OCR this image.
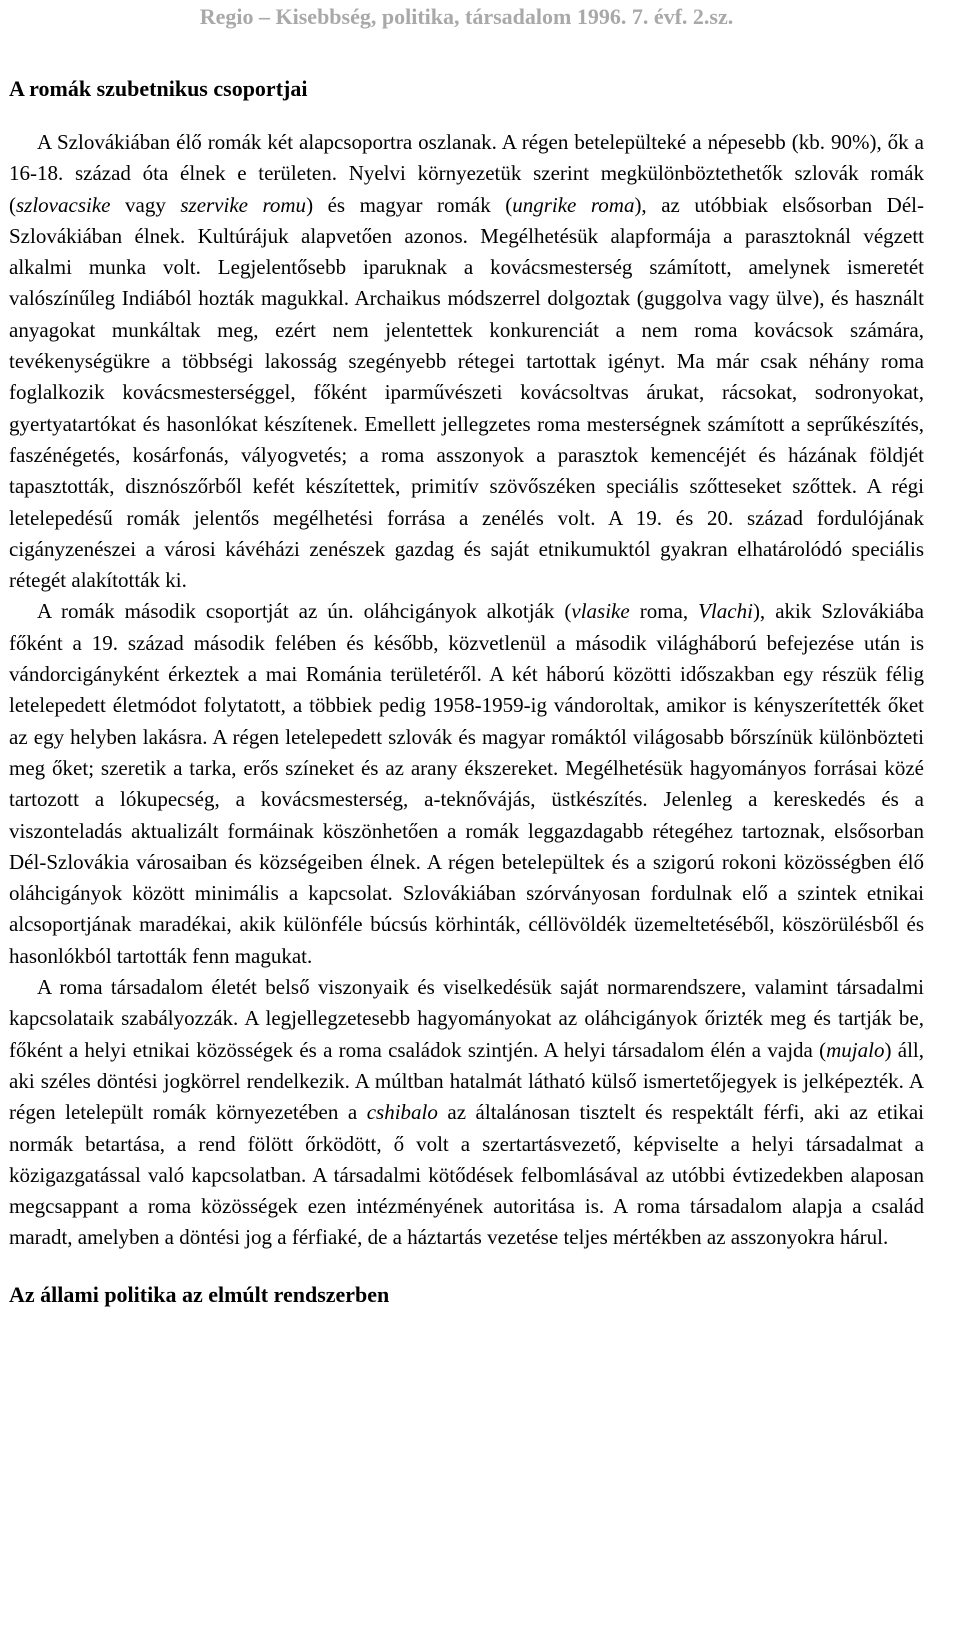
Regio – Kisebbség, politika, társadalom 1996. 7. évf. 2.sz.
A romák szubetnikus csoportjai

A Szlovákiában élő romák két alapcsoportra oszlanak. A régen betelepülteké a népesebb (kb. 90%), ők a 16-18. század óta élnek e területen. Nyelvi környezetük szerint megkülönböztethetők szlovák romák (szlovacsike vagy szervike romu) és magyar romák (ungrike roma), az utóbbiak elsősorban Dél-Szlovákiában élnek. Kultúrájuk alapvetően azonos. Megélhetésük alapformája a parasztoknál végzett alkalmi munka volt. Legjelentősebb iparuknak a kovácsmesterség számított, amelynek ismeretét valószínűleg Indiából hozták magukkal. Archaikus módszerrel dolgoztak (guggolva vagy ülve), és használt anyagokat munkáltak meg, ezért nem jelentettek konkurenciát a nem roma kovácsok számára, tevékenységükre a többségi lakosság szegényebb rétegei tartottak igényt. Ma már csak néhány roma foglalkozik kovácsmesterséggel, főként iparművészeti kovácsoltvas árukat, rácsokat, sodronyokat, gyertyatartókat és hasonlókat készítenek. Emellett jellegzetes roma mesterségnek számított a seprűkészítés, faszénégetés, kosárfonás, vályogvetés; a roma asszonyok a parasztok kemencéjét és házának földjét tapasztották, disznószőrből kefét készítettek, primitív szövőszéken speciális szőtteseket szőttek. A régi letelepedésű romák jelentős megélhetési forrása a zenélés volt. A 19. és 20. század fordulójának cigányzenészei a városi kávéházi zenészek gazdag és saját etnikumuktól gyakran elhatárolódó speciális rétegét alakították ki.

A romák második csoportját az ún. oláhcigányok alkotják (vlasike roma, Vlachi), akik Szlovákiába főként a 19. század második felében és később, közvetlenül a második világháború befejezése után is vándorcigányként érkeztek a mai Románia területéről. A két háború közötti időszakban egy részük félig letelepedett életmódot folytatott, a többiek pedig 1958-1959-ig vándoroltak, amikor is kényszerítették őket az egy helyben lakásra. A régen letelepedett szlovák és magyar romáktól világosabb bőrszínük különbözteti meg őket; szeretik a tarka, erős színeket és az arany ékszereket. Megélhetésük hagyományos forrásai közé tartozott a lókupecség, a kovácsmesterség, a-teknővájás, üstkészítés. Jelenleg a kereskedés és a viszonteladás aktualizált formáinak köszönhetően a romák leggazdagabb rétegéhez tartoznak, elsősorban Dél-Szlovákia városaiban és községeiben élnek. A régen betelepültek és a szigorú rokoni közösségben élő oláhcigányok között minimális a kapcsolat. Szlovákiában szórványosan fordulnak elő a szintek etnikai alcsoportjának maradékai, akik különféle búcsús körhinták, céllövöldék üzemeltetéséből, köszörülésből és hasonlókból tartották fenn magukat.

A roma társadalom életét belső viszonyaik és viselkedésük saját normarendszere, valamint társadalmi kapcsolataik szabályozzák. A legjellegzetesebb hagyományokat az oláhcigányok őrizték meg és tartják be, főként a helyi etnikai közösségek és a roma családok szintjén. A helyi társadalom élén a vajda (mujalo) áll, aki széles döntési jogkörrel rendelkezik. A múltban hatalmát látható külső ismertetőjegyek is jelképezték. A régen letelepült romák környezetében a cshibalo az általánosan tisztelt és respektált férfi, aki az etikai normák betartása, a rend fölött őrködött, ő volt a szertartásvezető, képviselte a helyi társadalmat a közigazgatással való kapcsolatban. A társadalmi kötődések felbomlásával az utóbbi évtizedekben alaposan megcsappant a roma közösségek ezen intézményének autoritása is. A roma társadalom alapja a család maradt, amelyben a döntési jog a férfiaké, de a háztartás vezetése teljes mértékben az asszonyokra hárul.

Az állami politika az elmúlt rendszerben
